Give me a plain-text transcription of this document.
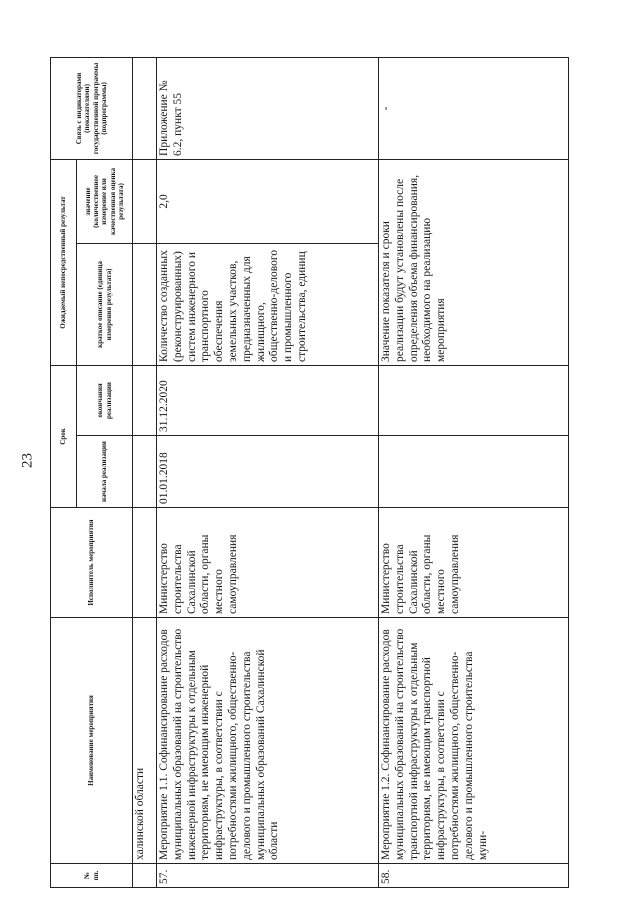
23
№ пп.	Наименование мероприятия	Исполнитель мероприятия	Срок		Ожидаемый непосредственный результат		Связь с индикаторами (показателями) государственной программы (подпрограммы)
			начала реализации	окончания реализации	краткое описание (единица измерения результата)	значение (количественное измерение или качественная оценка результата)	
	халинской области						
57.	Мероприятие 1.1. Софинансирование расходов муниципальных образований на строительство инженерной инфраструктуры к отдельным территориям, не имеющим инженерной инфраструктуры, в соответствии с потребностями жилищного, общественно-делового и промышленного строительства муниципальных образований Сахалинской области	Министерство строительства Сахалинской области, органы местного самоуправления	01.01.2018	31.12.2020	Количество созданных (реконструированных) систем инженерного и транспортного обеспечения земельных участков, предназначенных для жилищного, общественно-делового и промышленного строительства, единиц	2,0	Приложение № 6.2, пункт 55
58.	Мероприятие 1.2. Софинансирование расходов муниципальных образований на строительство транспортной инфраструктуры к отдельным территориям, не имеющим транспортной инфраструктуры, в соответствии с потребностями жилищного, общественно-делового и промышленного строительства муни-	Министерство строительства Сахалинской области, органы местного самоуправления			Значение показателя и сроки реализации будут установлены после определения объема финансирования, необходимого на реализацию мероприятия		-
